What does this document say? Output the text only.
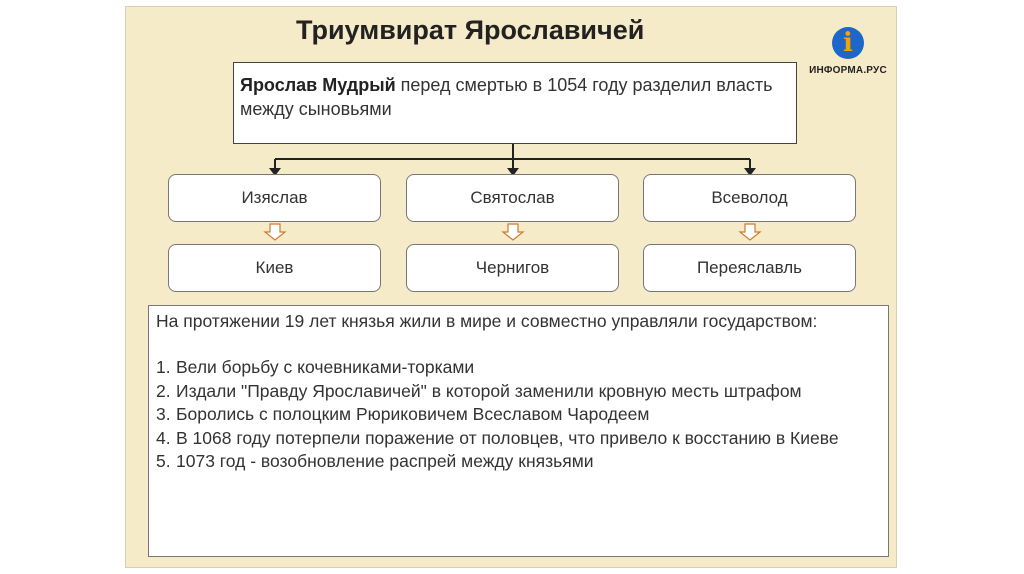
Триумвират Ярославичей	i
ИНФОРМА.РУС
Ярослав Мудрый перед смертью в 1054 году разделил власть между сыновьями
Изяслав	Святослав	Всеволод
Киев	Чернигов	Переяславль

На протяжении 19 лет князья жили в мире и совместно управляли государством:

1. Вели борьбу с кочевниками-торками
2. Издали "Правду Ярославичей" в которой заменили кровную месть штрафом
3. Боролись с полоцким Рюриковичем Всеславом Чародеем
4. В 1068 году потерпели поражение от половцев, что привело к восстанию в Киеве
5. 1073 год - возобновление распрей между князьями
